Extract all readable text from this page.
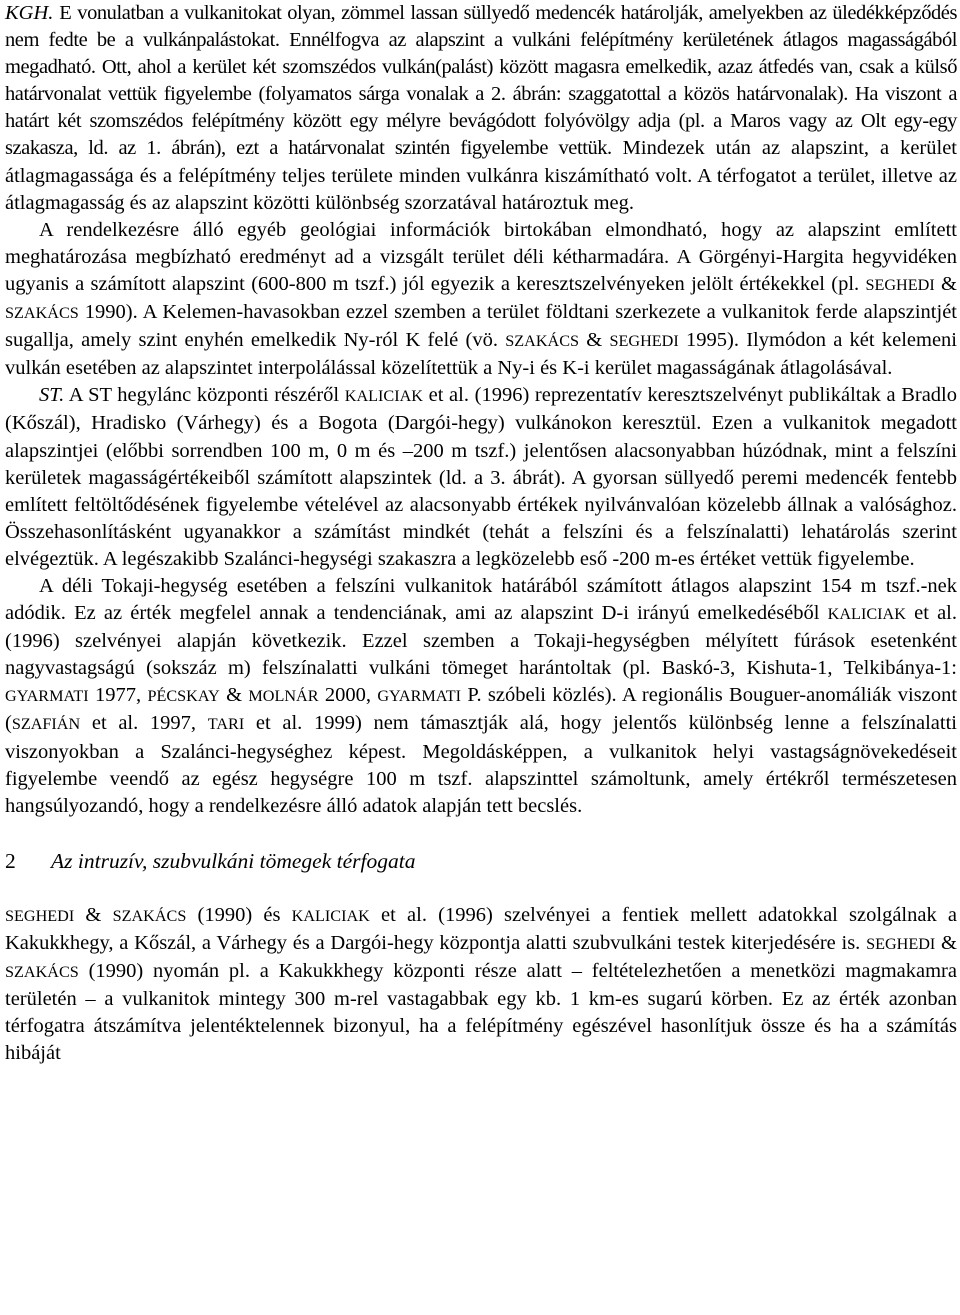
KGH. E vonulatban a vulkanitokat olyan, zömmel lassan süllyedő medencék határolják, amelyekben az üledékképződés nem fedte be a vulkánpalástokat. Ennélfogva az alapszint a vulkáni felépítmény kerületének átlagos magasságából megadható. Ott, ahol a kerület két szomszédos vulkán(palást) között magasra emelkedik, azaz átfedés van, csak a külső határvonalat vettük figyelembe (folyamatos sárga vonalak a 2. ábrán: szaggatottal a közös határvonalak). Ha viszont a határt két szomszédos felépítmény között egy mélyre bevágódott folyóvölgy adja (pl. a Maros vagy az Olt egy-egy szakasza, ld. az 1. ábrán), ezt a határvonalat szintén figyelembe vettük. Mindezek után az alapszint, a kerület átlagmagassága és a felépítmény teljes területe minden vulkánra kiszámítható volt. A térfogatot a terület, illetve az átlagmagasság és az alapszint közötti különbség szorzatával határoztuk meg.

A rendelkezésre álló egyéb geológiai információk birtokában elmondható, hogy az alapszint említett meghatározása megbízható eredményt ad a vizsgált terület déli kétharmadára. A Görgényi-Hargita hegyvidéken ugyanis a számított alapszint (600-800 m tszf.) jól egyezik a keresztszelvényeken jelölt értékekkel (pl. SEGHEDI & SZAKÁCS 1990). A Kelemen-havasokban ezzel szemben a terület földtani szerkezete a vulkanitok ferde alapszintjét sugallja, amely szint enyhén emelkedik Ny-ról K felé (vö. SZAKÁCS & SEGHEDI 1995). Ilymódon a két kelemeni vulkán esetében az alapszintet interpolálással közelítettük a Ny-i és K-i kerület magasságának átlagolásával.

ST. A ST hegylánc központi részéről KALICIAK et al. (1996) reprezentatív keresztszelvényt publikáltak a Bradlo (Kőszál), Hradisko (Várhegy) és a Bogota (Dargói-hegy) vulkánokon keresztül. Ezen a vulkanitok megadott alapszintjei (előbbi sorrendben 100 m, 0 m és –200 m tszf.) jelentősen alacsonyabban húzódnak, mint a felszíni kerületek magasságértékeiből számított alapszintek (ld. a 3. ábrát). A gyorsan süllyedő peremi medencék fentebb említett feltöltődésének figyelembe vételével az alacsonyabb értékek nyilvánvalóan közelebb állnak a valósághoz. Összehasonlításként ugyanakkor a számítást mindkét (tehát a felszíni és a felszínalatti) lehatárolás szerint elvégeztük. A legészakibb Szalánci-hegységi szakaszra a legközelebb eső -200 m-es értéket vettük figyelembe.

A déli Tokaji-hegység esetében a felszíni vulkanitok határából számított átlagos alapszint 154 m tszf.-nek adódik. Ez az érték megfelel annak a tendenciának, ami az alapszint D-i irányú emelkedéséből KALICIAK et al. (1996) szelvényei alapján következik. Ezzel szemben a Tokaji-hegységben mélyített fúrások esetenként nagyvastagságú (sokszáz m) felszínalatti vulkáni tömeget harántoltak (pl. Baskó-3, Kishuta-1, Telkibánya-1: GYARMATI 1977, PÉCSKAY & MOLNÁR 2000, GYARMATI P. szóbeli közlés). A regionális Bouguer-anomáliák viszont (SZAFIÁN et al. 1997, TARI et al. 1999) nem támasztják alá, hogy jelentős különbség lenne a felszínalatti viszonyokban a Szalánci-hegységhez képest. Megoldásképpen, a vulkanitok helyi vastagságnövekedéseit figyelembe veendő az egész hegységre 100 m tszf. alapszinttel számoltunk, amely értékről természetesen hangsúlyozandó, hogy a rendelkezésre álló adatok alapján tett becslés.

2 Az intruzív, szubvulkáni tömegek térfogata

SEGHEDI & SZAKÁCS (1990) és KALICIAK et al. (1996) szelvényei a fentiek mellett adatokkal szolgálnak a Kakukkhegy, a Kőszál, a Várhegy és a Dargói-hegy központja alatti szubvulkáni testek kiterjedésére is. SEGHEDI & SZAKÁCS (1990) nyomán pl. a Kakukkhegy központi része alatt – feltételezhetően a menetközi magmakamra területén – a vulkanitok mintegy 300 m-rel vastagabbak egy kb. 1 km-es sugarú körben. Ez az érték azonban térfogatra átszámítva jelentéktelennek bizonyul, ha a felépítmény egészével hasonlítjuk össze és ha a számítás hibáját
